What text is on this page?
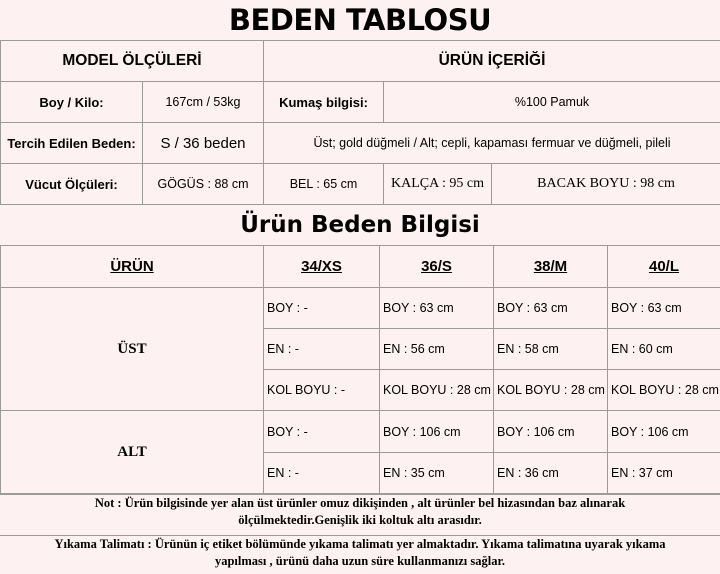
BEDEN TABLOSU
MODEL ÖLÇÜLERİ		ÜRÜN İÇERİĞİ		
Boy / Kilo:	167cm / 53kg	Kumaş bilgisi:	%100 Pamuk	
Tercih Edilen Beden:	S / 36 beden	Üst; gold düğmeli / Alt; cepli, kapaması fermuar ve düğmeli, pileli		
Vücut Ölçüleri:	GÖGÜS : 88 cm	BEL : 65 cm	KALÇA : 95 cm	BACAK BOYU : 98 cm
Ürün Beden Bilgisi
ÜRÜN	34/XS	36/S	38/M	40/L
ÜST	BOY : -	BOY : 63 cm	BOY : 63 cm	BOY : 63 cm
	EN : -	EN : 56 cm	EN : 58 cm	EN : 60 cm
	KOL BOYU : -	KOL BOYU : 28 cm	KOL BOYU : 28 cm	KOL BOYU : 28 cm
ALT	BOY : -	BOY : 106 cm	BOY : 106 cm	BOY : 106 cm
	EN : -	EN : 35 cm	EN : 36 cm	EN : 37 cm
Not : Ürün bilgisinde yer alan üst ürünler omuz dikişinden , alt ürünler bel hizasından baz alınarak
ölçülmektedir.Genişlik iki koltuk altı arasıdır.
Yıkama Talimatı : Ürünün iç etiket bölümünde yıkama talimatı yer almaktadır. Yıkama talimatına uyarak yıkama
yapılması , ürünü daha uzun süre kullanmanızı sağlar.
